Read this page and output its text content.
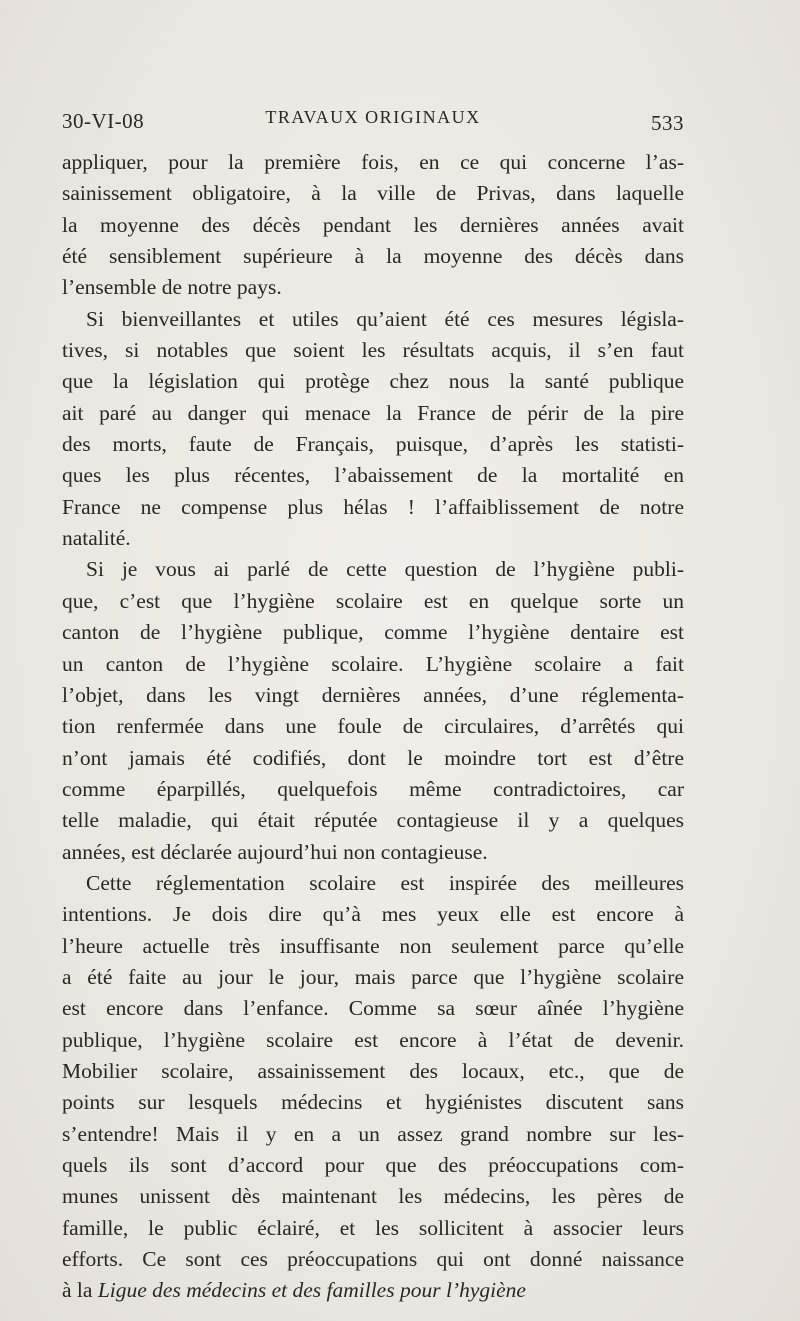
30-VI-08	TRAVAUX ORIGINAUX	533
appliquer, pour la première fois, en ce qui concerne l’as-
sainissement obligatoire, à la ville de Privas, dans laquelle
la moyenne des décès pendant les dernières années avait
été sensiblement supérieure à la moyenne des décès dans
l’ensemble de notre pays.
Si bienveillantes et utiles qu’aient été ces mesures législa-
tives, si notables que soient les résultats acquis, il s’en faut
que la législation qui protège chez nous la santé publique
ait paré au danger qui menace la France de périr de la pire
des morts, faute de Français, puisque, d’après les statisti-
ques les plus récentes, l’abaissement de la mortalité en
France ne compense plus hélas ! l’affaiblissement de notre
natalité.
Si je vous ai parlé de cette question de l’hygiène publi-
que, c’est que l’hygiène scolaire est en quelque sorte un
canton de l’hygiène publique, comme l’hygiène dentaire est
un canton de l’hygiène scolaire. L’hygiène scolaire a fait
l’objet, dans les vingt dernières années, d’une réglementa-
tion renfermée dans une foule de circulaires, d’arrêtés qui
n’ont jamais été codifiés, dont le moindre tort est d’être
comme éparpillés, quelquefois même contradictoires, car
telle maladie, qui était réputée contagieuse il y a quelques
années, est déclarée aujourd’hui non contagieuse.
Cette réglementation scolaire est inspirée des meilleures
intentions. Je dois dire qu’à mes yeux elle est encore à
l’heure actuelle très insuffisante non seulement parce qu’elle
a été faite au jour le jour, mais parce que l’hygiène scolaire
est encore dans l’enfance. Comme sa sœur aînée l’hygiène
publique, l’hygiène scolaire est encore à l’état de devenir.
Mobilier scolaire, assainissement des locaux, etc., que de
points sur lesquels médecins et hygiénistes discutent sans
s’entendre! Mais il y en a un assez grand nombre sur les-
quels ils sont d’accord pour que des préoccupations com-
munes unissent dès maintenant les médecins, les pères de
famille, le public éclairé, et les sollicitent à associer leurs
efforts. Ce sont ces préoccupations qui ont donné naissance
à la Ligue des médecins et des familles pour l’hygiène
